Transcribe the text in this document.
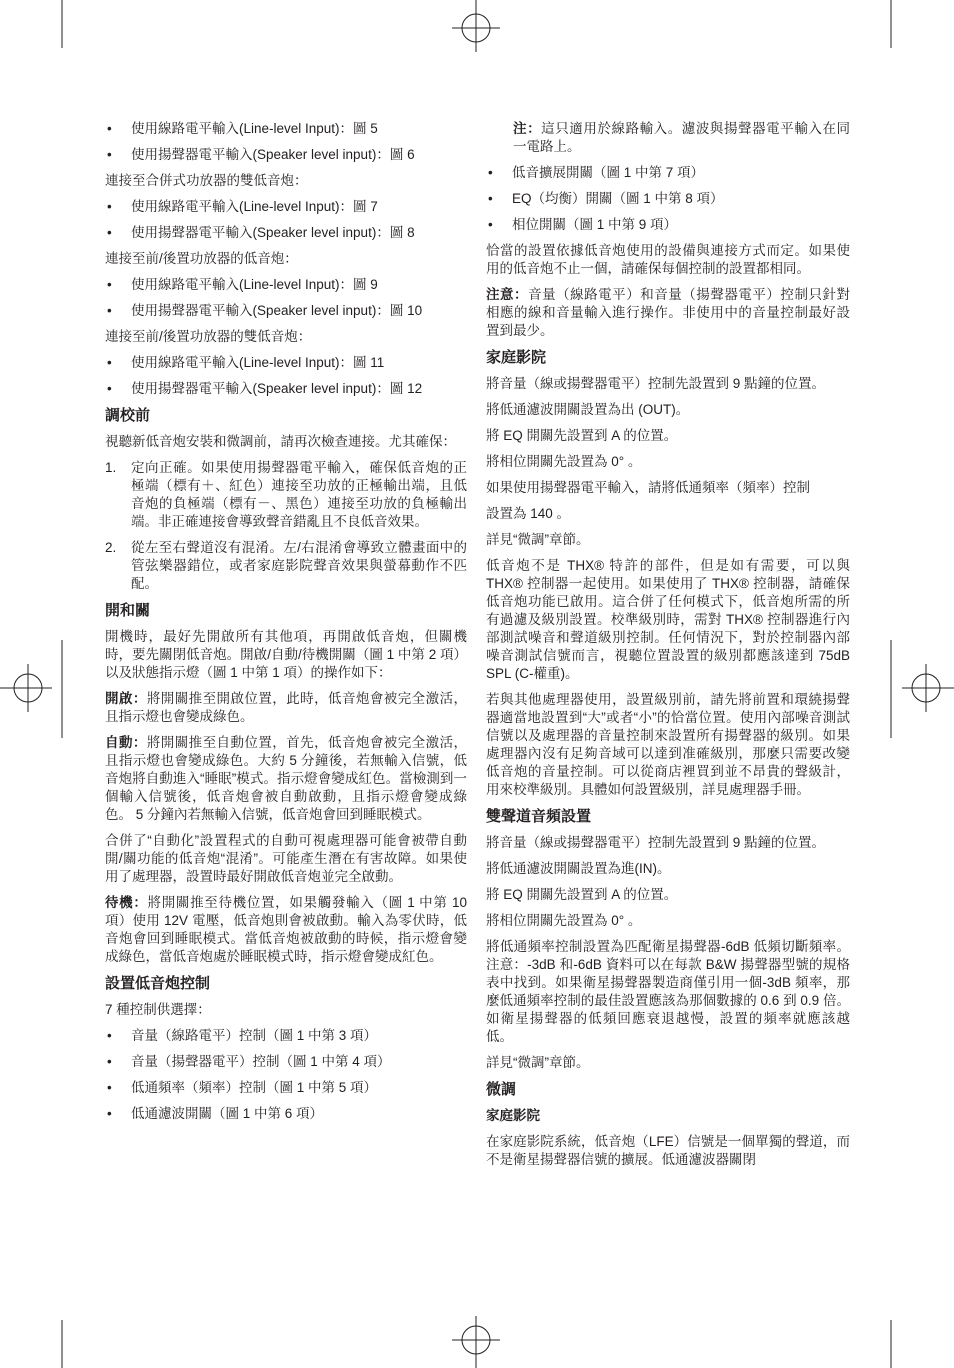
• 使用線路電平輸入(Line-level Input)：圖 5
• 使用揚聲器電平輸入(Speaker level input)：圖 6

連接至合併式功放器的雙低音炮：

• 使用線路電平輸入(Line-level Input)：圖 7
• 使用揚聲器電平輸入(Speaker level input)：圖 8

連接至前/後置功放器的低音炮：

• 使用線路電平輸入(Line-level Input)：圖 9
• 使用揚聲器電平輸入(Speaker level input)：圖 10

連接至前/後置功放器的雙低音炮：

• 使用線路電平輸入(Line-level Input)：圖 11
• 使用揚聲器電平輸入(Speaker level input)：圖 12
調校前

視聽新低音炮安裝和微調前，請再次檢查連接。尤其確保：

1.	定向正確。如果使用揚聲器電平輸入，確保低音炮的正極端（標有＋、紅色）連接至功放的正極輸出端，且低音炮的負極端（標有－、黑色）連接至功放的負極輸出端。非正確連接會導致聲音錯亂且不良低音效果。
2.	從左至右聲道沒有混淆。左/右混淆會導致立體畫面中的管弦樂器錯位，或者家庭影院聲音效果與螢幕動作不匹配。
開和關

開機時，最好先開啟所有其他項，再開啟低音炮，但關機時，要先關閉低音炮。開啟/自動/待機開關（圖 1 中第 2 項）以及狀態指示燈（圖 1 中第 1 項）的操作如下：

開啟：將開關推至開啟位置，此時，低音炮會被完全激活，且指示燈也會變成綠色。

自動：將開關推至自動位置，首先，低音炮會被完全激活，且指示燈也會變成綠色。大約 5 分鐘後，若無輸入信號，低音炮將自動進入“睡眠”模式。指示燈會變成紅色。當檢測到一個輸入信號後，低音炮會被自動啟動，且指示燈會變成綠色。 5 分鐘內若無輸入信號，低音炮會回到睡眠模式。

合併了“自動化”設置程式的自動可視處理器可能會被帶自動開/關功能的低音炮“混淆”。可能產生潛在有害故障。如果使用了處理器，設置時最好開啟低音炮並完全啟動。

待機：將開關推至待機位置，如果觸發輸入（圖 1 中第 10 項）使用 12V 電壓，低音炮則會被啟動。輸入為零伏時，低音炮會回到睡眠模式。當低音炮被啟動的時候，指示燈會變成綠色，當低音炮處於睡眠模式時，指示燈會變成紅色。

設置低音炮控制

7 種控制供選擇：

• 音量（線路電平）控制（圖 1 中第 3 項）
• 音量（揚聲器電平）控制（圖 1 中第 4 項）
• 低通頻率（頻率）控制（圖 1 中第 5 項）
• 低通濾波開關（圖 1 中第 6 項）

注：這只適用於線路輸入。濾波與揚聲器電平輸入在同一電路上。

• 低音擴展開關（圖 1 中第 7 項）
• EQ（均衡）開關（圖 1 中第 8 項）
• 相位開關（圖 1 中第 9 項）

恰當的設置依據低音炮使用的設備與連接方式而定。如果使用的低音炮不止一個，請確保每個控制的設置都相同。

注意：音量（線路電平）和音量（揚聲器電平）控制只針對相應的線和音量輸入進行操作。非使用中的音量控制最好設置到最少。

家庭影院

將音量（線或揚聲器電平）控制先設置到 9 點鐘的位置。

將低通濾波開關設置為出 (OUT)。

將 EQ 開關先設置到 A 的位置。

將相位開關先設置為 0° 。

如果使用揚聲器電平輸入，請將低通頻率（頻率）控制

設置為 140 。

詳見“微調”章節。

低音炮不是 THX® 特許的部件，但是如有需要，可以與 THX® 控制器一起使用。如果使用了 THX® 控制器，請確保低音炮功能已啟用。這合併了任何模式下，低音炮所需的所有過濾及級別設置。校準級別時，需對 THX® 控制器進行內部測試噪音和聲道級別控制。任何情況下，對於控制器內部噪音測試信號而言，視聽位置設置的級別都應該達到 75dB SPL (C-權重)。

若與其他處理器使用，設置級別前，請先將前置和環繞揚聲器適當地設置到“大”或者“小”的恰當位置。使用內部噪音測試信號以及處理器的音量控制來設置所有揚聲器的級別。如果處理器內沒有足夠音域可以達到准確級別，那麼只需要改變低音炮的音量控制。可以從商店裡買到並不昂貴的聲級計，用來校準級別。具體如何設置級別，詳見處理器手冊。

雙聲道音頻設置

將音量（線或揚聲器電平）控制先設置到 9 點鐘的位置。

將低通濾波開關設置為進(IN)。

將 EQ 開關先設置到 A 的位置。

將相位開關先設置為 0° 。

將低通頻率控制設置為匹配衛星揚聲器-6dB 低頻切斷頻率。注意：-3dB 和-6dB 資料可以在每款 B&W 揚聲器型號的規格表中找到。如果衛星揚聲器製造商僅引用一個-3dB 頻率，那麼低通頻率控制的最佳設置應該為那個數據的 0.6 到 0.9 倍。如衛星揚聲器的低頻回應衰退越慢，設置的頻率就應該越低。

詳見“微調”章節。

微調
家庭影院

在家庭影院系統，低音炮（LFE）信號是一個單獨的聲道，而不是衛星揚聲器信號的擴展。低通濾波器關閉
